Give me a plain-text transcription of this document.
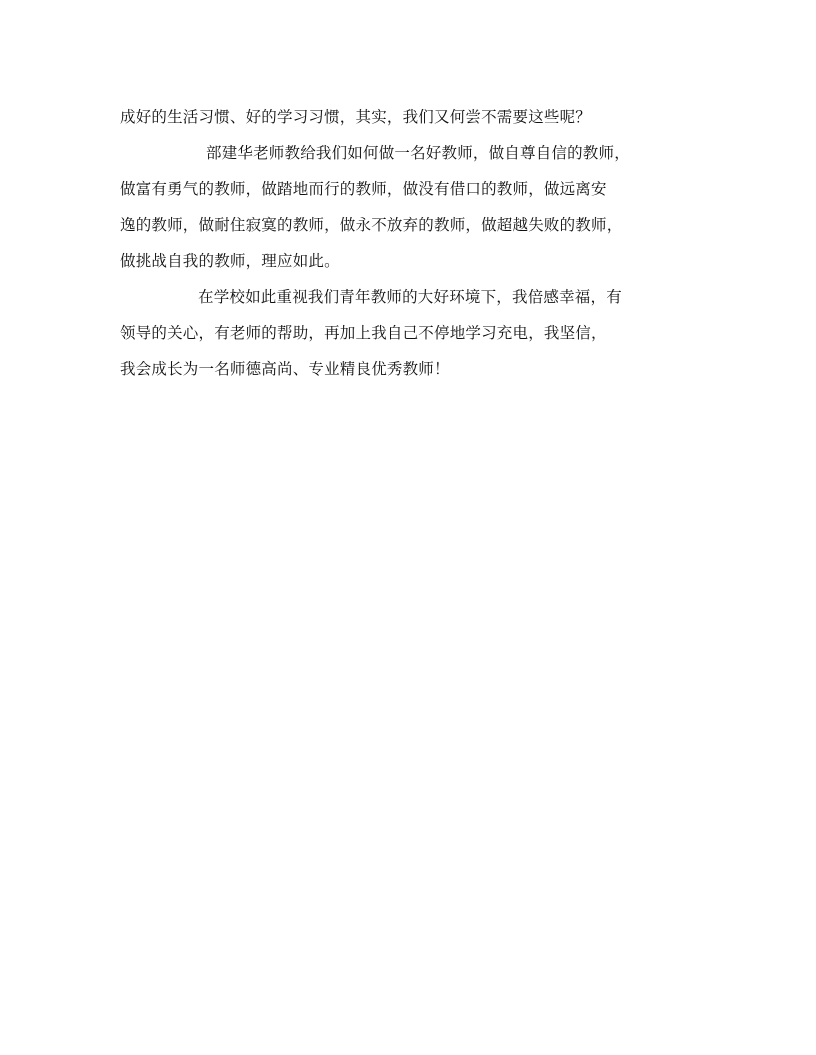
成好的生活习惯、好的学习习惯，其实，我们又何尝不需要这些呢？
部建华老师教给我们如何做一名好教师，做自尊自信的教师，
做富有勇气的教师，做踏地而行的教师，做没有借口的教师，做远离安
逸的教师，做耐住寂寞的教师，做永不放弃的教师，做超越失败的教师，
做挑战自我的教师，理应如此。
在学校如此重视我们青年教师的大好环境下，我倍感幸福，有
领导的关心，有老师的帮助，再加上我自己不停地学习充电，我坚信，
我会成长为一名师德高尚、专业精良优秀教师！
